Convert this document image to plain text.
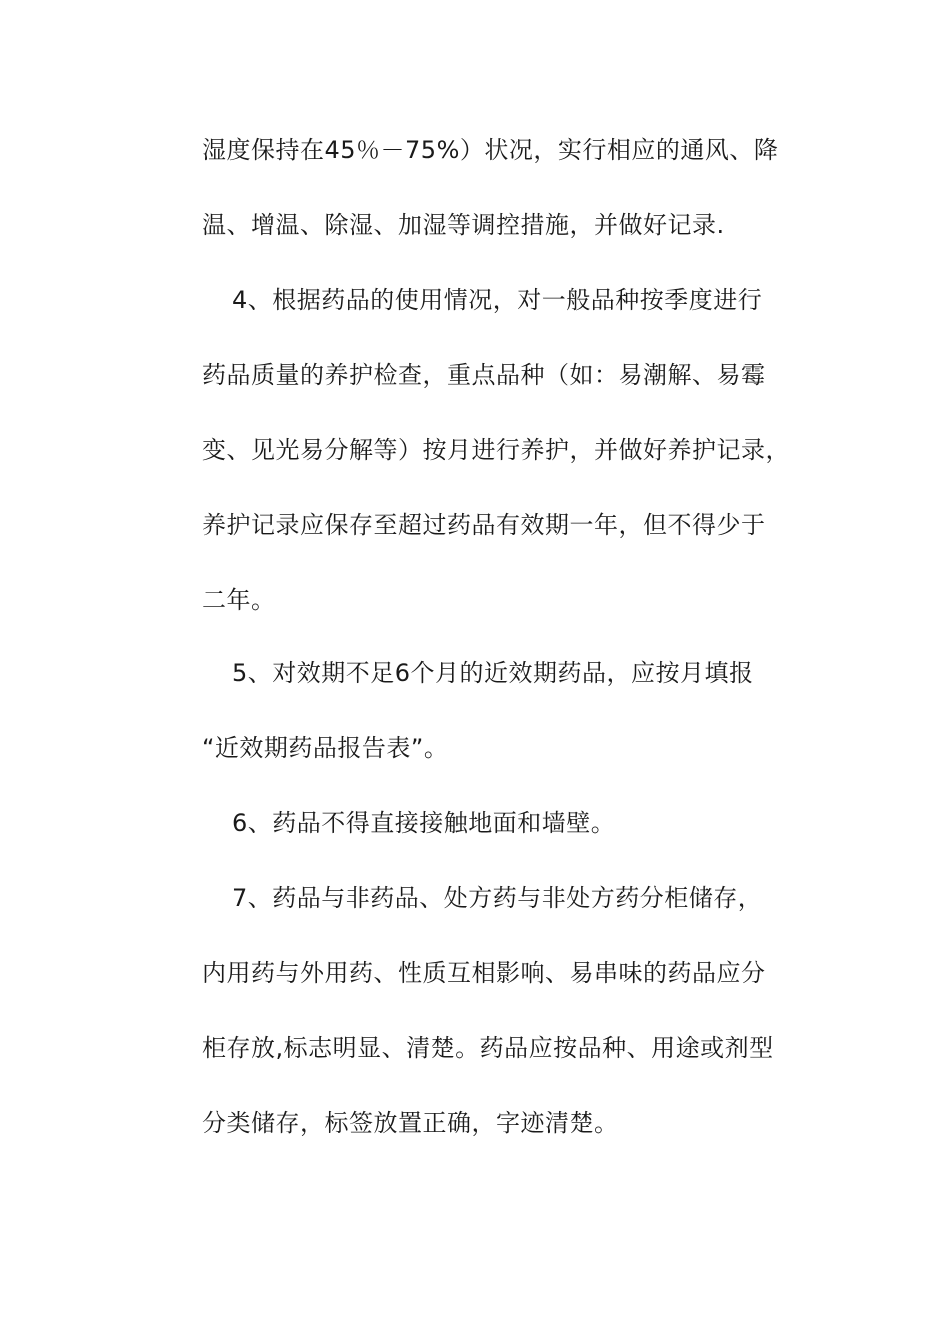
湿度保持在45％－75%）状况，实行相应的通风、降
温、增温、除湿、加湿等调控措施，并做好记录.
4、根据药品的使用情况，对一般品种按季度进行
药品质量的养护检查，重点品种（如：易潮解、易霉
变、见光易分解等）按月进行养护，并做好养护记录，
养护记录应保存至超过药品有效期一年，但不得少于
二年。
5、对效期不足6个月的近效期药品，应按月填报
“近效期药品报告表”。
6、药品不得直接接触地面和墙壁。
7、药品与非药品、处方药与非处方药分柜储存，
内用药与外用药、性质互相影响、易串味的药品应分
柜存放,标志明显、清楚。药品应按品种、用途或剂型
分类储存，标签放置正确，字迹清楚。
